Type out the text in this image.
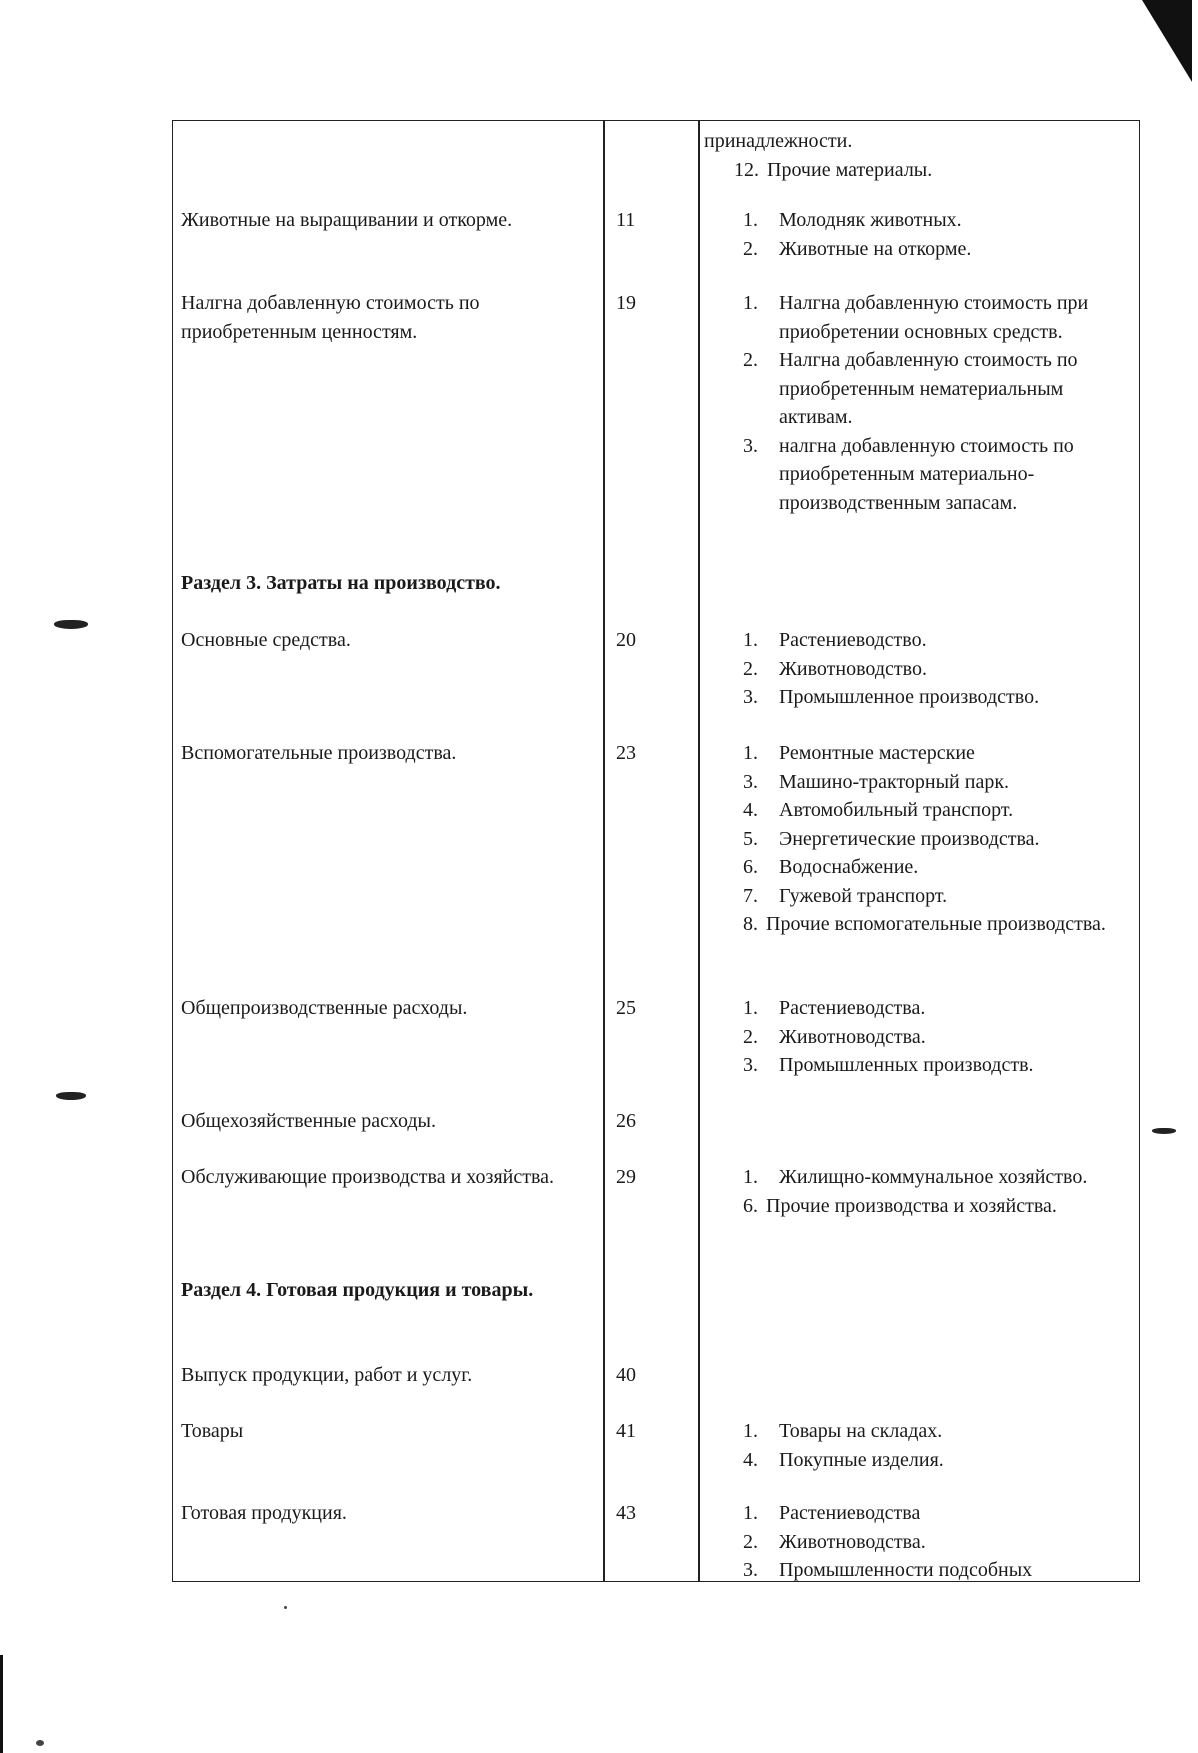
принадлежности.
12. Прочие материалы.
Животные на выращивании и откорме.	11	1. Молодняк животных.
2. Животные на откорме.
Налгна добавленную стоимость по приобретенным ценностям.
19	1. Налгна добавленную стоимость при приобретении основных средств.
2. Налгна добавленную стоимость по приобретенным нематериальным активам.
3. налгна добавленную стоимость по приобретенным материально-производственным запасам.
Раздел 3. Затраты на производство.
Основные средства.	20	1. Растениеводство.
2. Животноводство.
3. Промышленное производство.
Вспомогательные производства.	23	1. Ремонтные мастерские
3. Машино-тракторный парк.
4. Автомобильный транспорт.
5. Энергетические производства.
6. Водоснабжение.
7. Гужевой транспорт.
8. Прочие вспомогательные производства.
Общепроизводственные расходы.	25	1. Растениеводства.
2. Животноводства.
3. Промышленных производств.
Общехозяйственные расходы.	26
Обслуживающие производства и хозяйства.	29	1. Жилищно-коммунальное хозяйство.
6. Прочие производства и хозяйства.
Раздел 4. Готовая продукция и товары.
Выпуск продукции, работ и услуг.	40
Товары	41	1. Товары на складах.
4. Покупные изделия.
Готовая продукция.	43	1. Растениеводства
2. Животноводства.
3. Промышленности подсобных
